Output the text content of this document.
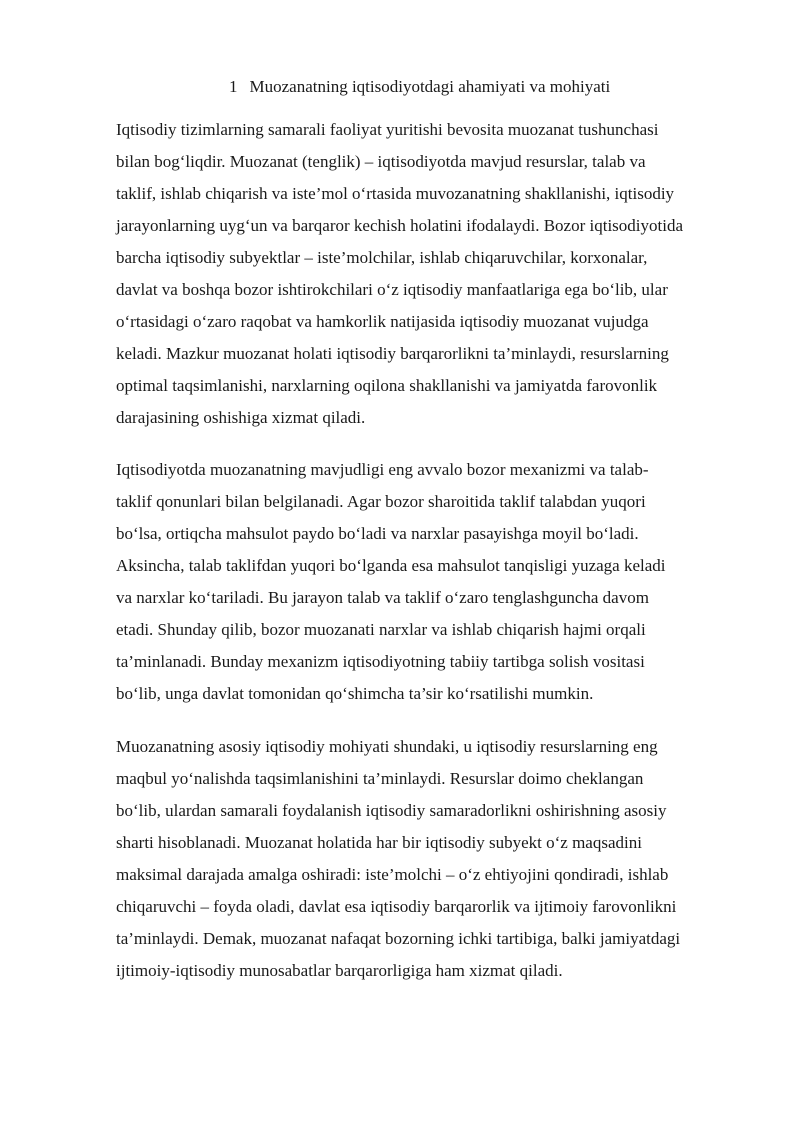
1 Muozanatning iqtisodiyotdagi ahamiyati va mohiyati

Iqtisodiy tizimlarning samarali faoliyat yuritishi bevosita muozanat tushunchasi
bilan bog‘liqdir. Muozanat (tenglik) – iqtisodiyotda mavjud resurslar, talab va
taklif, ishlab chiqarish va iste’mol o‘rtasida muvozanatning shakllanishi, iqtisodiy
jarayonlarning uyg‘un va barqaror kechish holatini ifodalaydi. Bozor iqtisodiyotida
barcha iqtisodiy subyektlar – iste’molchilar, ishlab chiqaruvchilar, korxonalar,
davlat va boshqa bozor ishtirokchilari o‘z iqtisodiy manfaatlariga ega bo‘lib, ular
o‘rtasidagi o‘zaro raqobat va hamkorlik natijasida iqtisodiy muozanat vujudga
keladi. Mazkur muozanat holati iqtisodiy barqarorlikni ta’minlaydi, resurslarning
optimal taqsimlanishi, narxlarning oqilona shakllanishi va jamiyatda farovonlik
darajasining oshishiga xizmat qiladi.

Iqtisodiyotda muozanatning mavjudligi eng avvalo bozor mexanizmi va talab-
taklif qonunlari bilan belgilanadi. Agar bozor sharoitida taklif talabdan yuqori
bo‘lsa, ortiqcha mahsulot paydo bo‘ladi va narxlar pasayishga moyil bo‘ladi.
Aksincha, talab taklifdan yuqori bo‘lganda esa mahsulot tanqisligi yuzaga keladi
va narxlar ko‘tariladi. Bu jarayon talab va taklif o‘zaro tenglashguncha davom
etadi. Shunday qilib, bozor muozanati narxlar va ishlab chiqarish hajmi orqali
ta’minlanadi. Bunday mexanizm iqtisodiyotning tabiiy tartibga solish vositasi
bo‘lib, unga davlat tomonidan qo‘shimcha ta’sir ko‘rsatilishi mumkin.

Muozanatning asosiy iqtisodiy mohiyati shundaki, u iqtisodiy resurslarning eng
maqbul yo‘nalishda taqsimlanishini ta’minlaydi. Resurslar doimo cheklangan
bo‘lib, ulardan samarali foydalanish iqtisodiy samaradorlikni oshirishning asosiy
sharti hisoblanadi. Muozanat holatida har bir iqtisodiy subyekt o‘z maqsadini
maksimal darajada amalga oshiradi: iste’molchi – o‘z ehtiyojini qondiradi, ishlab
chiqaruvchi – foyda oladi, davlat esa iqtisodiy barqarorlik va ijtimoiy farovonlikni
ta’minlaydi. Demak, muozanat nafaqat bozorning ichki tartibiga, balki jamiyatdagi
ijtimoiy-iqtisodiy munosabatlar barqarorligiga ham xizmat qiladi.
